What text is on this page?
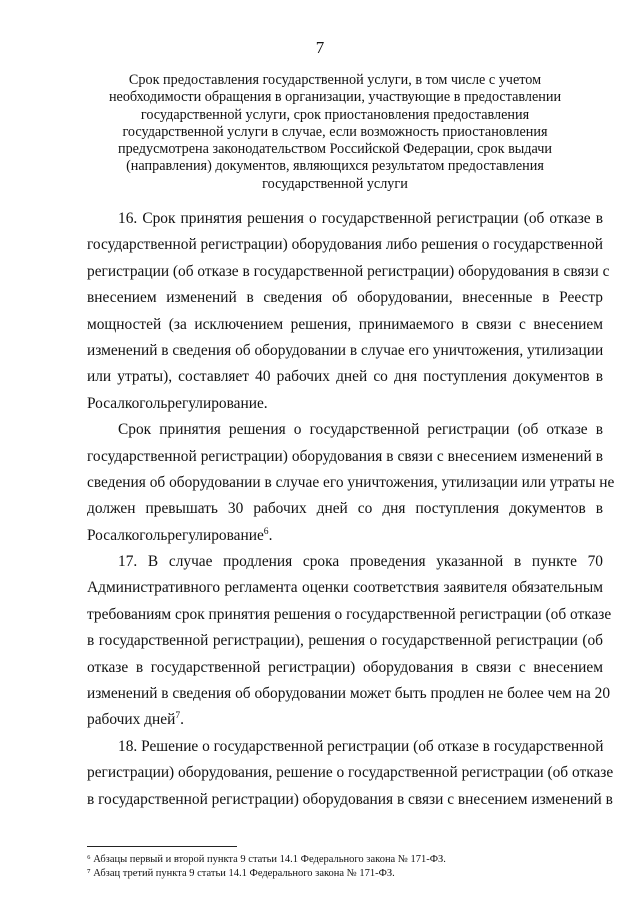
7
Срок предоставления государственной услуги, в том числе с учетом
необходимости обращения в организации, участвующие в предоставлении
государственной услуги, срок приостановления предоставления
государственной услуги в случае, если возможность приостановления
предусмотрена законодательством Российской Федерации, срок выдачи
(направления) документов, являющихся результатом предоставления
государственной услуги
16. Срок принятия решения о государственной регистрации (об отказе в
государственной регистрации) оборудования либо решения о государственной
регистрации (об отказе в государственной регистрации) оборудования в связи с
внесением изменений в сведения об оборудовании, внесенные в Реестр
мощностей (за исключением решения, принимаемого в связи с внесением
изменений в сведения об оборудовании в случае его уничтожения, утилизации
или утраты), составляет 40 рабочих дней со дня поступления документов в
Росалкогольрегулирование.
Срок принятия решения о государственной регистрации (об отказе в
государственной регистрации) оборудования в связи с внесением изменений в
сведения об оборудовании в случае его уничтожения, утилизации или утраты не
должен превышать 30 рабочих дней со дня поступления документов в
Росалкогольрегулирование$^6$.
17. В случае продления срока проведения указанной в пункте 70
Административного регламента оценки соответствия заявителя обязательным
требованиям срок принятия решения о государственной регистрации (об отказе
в государственной регистрации), решения о государственной регистрации (об
отказе в государственной регистрации) оборудования в связи с внесением
изменений в сведения об оборудовании может быть продлен не более чем на 20
рабочих дней$^7$.
18. Решение о государственной регистрации (об отказе в государственной
регистрации) оборудования, решение о государственной регистрации (об отказе
в государственной регистрации) оборудования в связи с внесением изменений в
⁶ Абзацы первый и второй пункта 9 статьи 14.1 Федерального закона № 171-ФЗ.
⁷ Абзац третий пункта 9 статьи 14.1 Федерального закона № 171-ФЗ.
